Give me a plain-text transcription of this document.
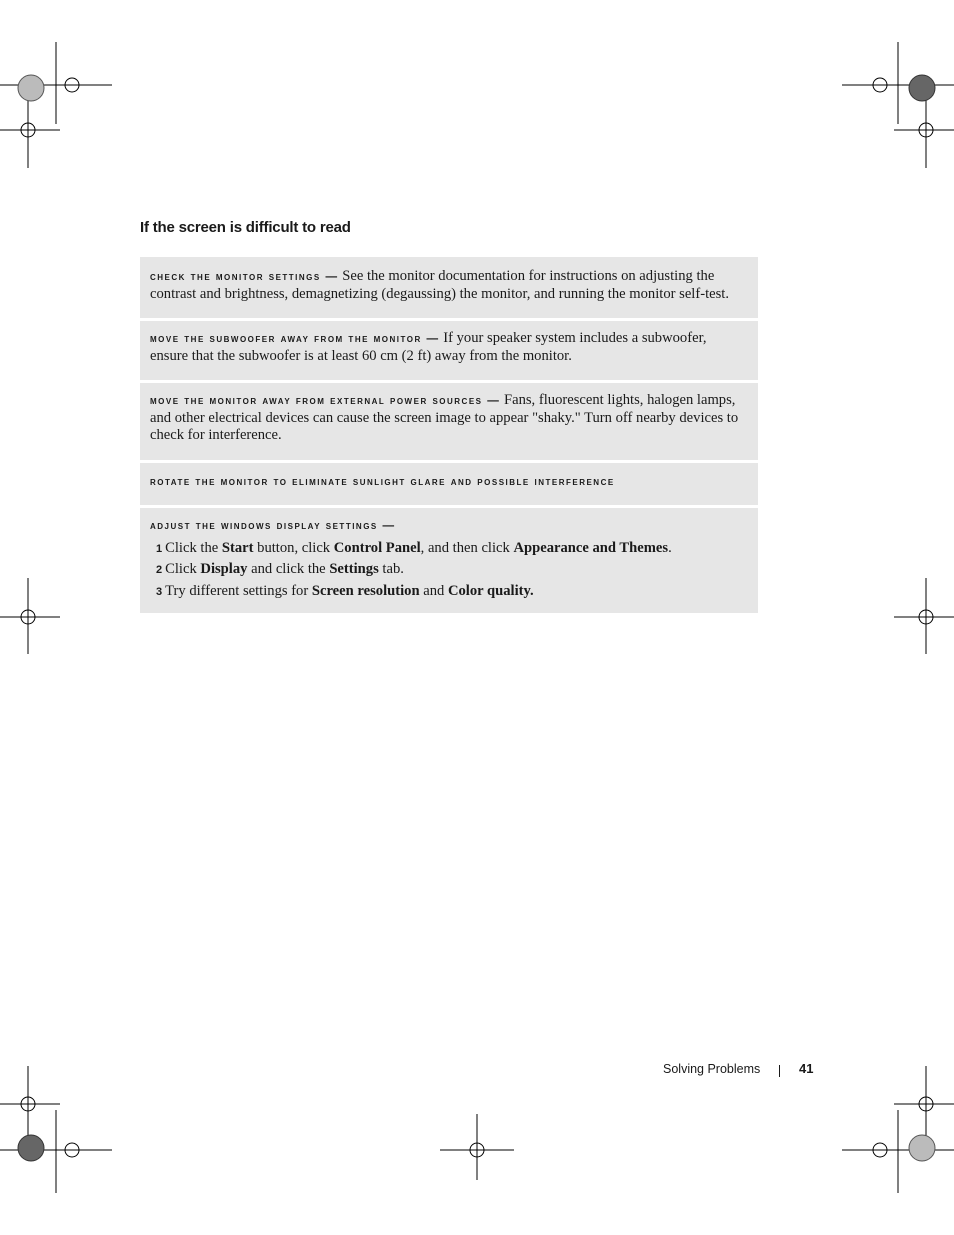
If the screen is difficult to read
check the monitor settings — See the monitor documentation for instructions on adjusting the contrast and brightness, demagnetizing (degaussing) the monitor, and running the monitor self-test.
move the subwoofer away from the monitor — If your speaker system includes a subwoofer, ensure that the subwoofer is at least 60 cm (2 ft) away from the monitor.
move the monitor away from external power sources — Fans, fluorescent lights, halogen lamps, and other electrical devices can cause the screen image to appear "shaky." Turn off nearby devices to check for interference.
rotate the monitor to eliminate sunlight glare and possible interference
adjust the windows display settings —
1 Click the Start button, click Control Panel, and then click Appearance and Themes.
2 Click Display and click the Settings tab.
3 Try different settings for Screen resolution and Color quality.
Solving Problems	41
